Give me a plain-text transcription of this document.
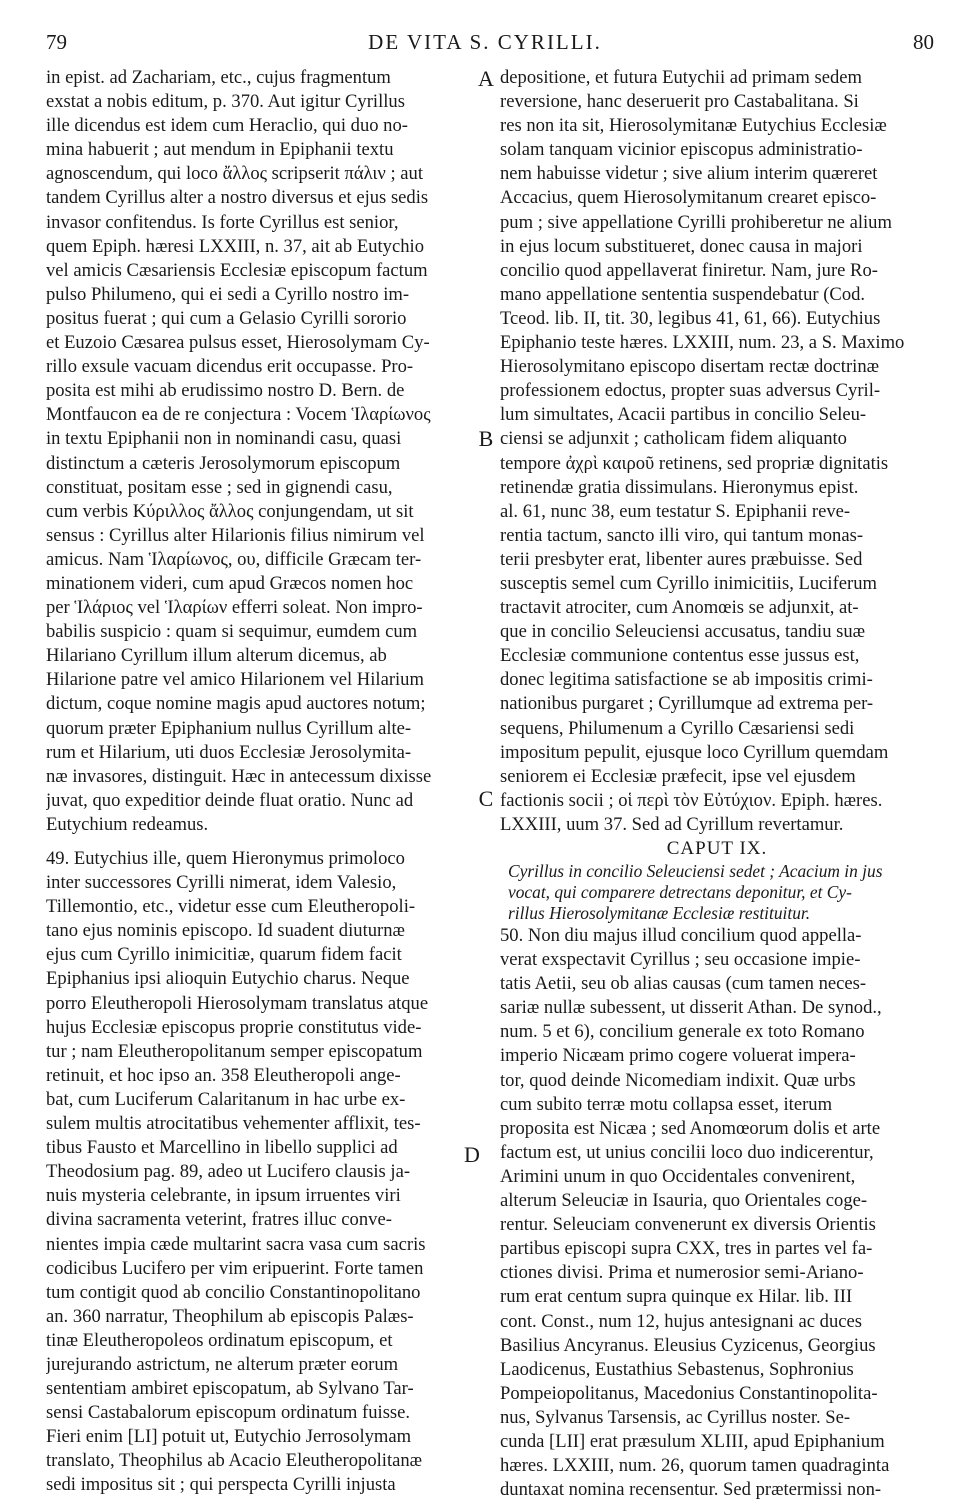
79	DE VITA S. CYRILLI.	80
in epist. ad Zachariam, etc., cujus fragmentum
exstat a nobis editum, p. 370. Aut igitur Cyrillus
ille dicendus est idem cum Heraclio, qui duo no-
mina habuerit ; aut mendum in Epiphanii textu
agnoscendum, qui loco ἄλλος scripserit πάλιν ; aut
tandem Cyrillus alter a nostro diversus et ejus sedis
invasor confitendus. Is forte Cyrillus est senior,
quem Epiph. hæresi LXXIII, n. 37, ait ab Eutychio
vel amicis Cæsariensis Ecclesiæ episcopum factum
pulso Philumeno, qui ei sedi a Cyrillo nostro im-
positus fuerat ; qui cum a Gelasio Cyrilli sororio
et Euzoio Cæsarea pulsus esset, Hierosolymam Cy-
rillo exsule vacuam dicendus erit occupasse. Pro-
posita est mihi ab erudissimo nostro D. Bern. de
Montfaucon ea de re conjectura : Vocem Ἱλαρίωνος
in textu Epiphanii non in nominandi casu, quasi
distinctum a cæteris Jerosolymorum episcopum
constituat, positam esse ; sed in gignendi casu,
cum verbis Κύριλλος ἄλλος conjungendam, ut sit
sensus : Cyrillus alter Hilarionis filius nimirum vel
amicus. Nam Ἱλαρίωνος, ου, difficile Græcam ter-
minationem videri, cum apud Græcos nomen hoc
per Ἱλάριος vel Ἱλαρίων efferri soleat. Non impro-
babilis suspicio : quam si sequimur, eumdem cum
Hilariano Cyrillum illum alterum dicemus, ab
Hilarione patre vel amico Hilarionem vel Hilarium
dictum, coque nomine magis apud auctores notum;
quorum præter Epiphanium nullus Cyrillum alte-
rum et Hilarium, uti duos Ecclesiæ Jerosolymita-
næ invasores, distinguit. Hæc in antecessum dixisse
juvat, quo expeditior deinde fluat oratio. Nunc ad
Eutychium redeamus.
49. Eutychius ille, quem Hieronymus primoloco
inter successores Cyrilli nimerat, idem Valesio,
Tillemontio, etc., videtur esse cum Eleutheropoli-
tano ejus nominis episcopo. Id suadent diuturnæ
ejus cum Cyrillo inimicitiæ, quarum fidem facit
Epiphanius ipsi alioquin Eutychio charus. Neque
porro Eleutheropoli Hierosolymam translatus atque
hujus Ecclesiæ episcopus proprie constitutus vide-
tur ; nam Eleutheropolitanum semper episcopatum
retinuit, et hoc ipso an. 358 Eleutheropoli ange-
bat, cum Luciferum Calaritanum in hac urbe ex-
sulem multis atrocitatibus vehementer afflixit, tes-
tibus Fausto et Marcellino in libello supplici ad
Theodosium pag. 89, adeo ut Lucifero clausis ja-
nuis mysteria celebrante, in ipsum irruentes viri
divina sacramenta veterint, fratres illuc conve-
nientes impia cæde multarint sacra vasa cum sacris
codicibus Lucifero per vim eripuerint. Forte tamen
tum contigit quod ab concilio Constantinopolitano
an. 360 narratur, Theophilum ab episcopis Palæs-
tinæ Eleutheropoleos ordinatum episcopum, et
jurejurando astrictum, ne alterum præter eorum
sententiam ambiret episcopatum, ab Sylvano Tar-
sensi Castabalorum episcopum ordinatum fuisse.
Fieri enim [LI] potuit ut, Eutychio Jerrosolymam
translato, Theophilus ab Acacio Eleutheropolitanæ
sedi impositus sit ; qui perspecta Cyrilli injusta
depositione, et futura Eutychii ad primam sedem
reversione, hanc deseruerit pro Castabalitana. Si
res non ita sit, Hierosolymitanæ Eutychius Ecclesiæ
solam tanquam vicinior episcopus administratio-
nem habuisse videtur ; sive alium interim quæreret
Accacius, quem Hierosolymitanum crearet episco-
pum ; sive appellatione Cyrilli prohiberetur ne alium
in ejus locum substitueret, donec causa in majori
concilio quod appellaverat finiretur. Nam, jure Ro-
mano appellatione sententia suspendebatur (Cod.
Tceod. lib. II, tit. 30, legibus 41, 61, 66). Eutychius
Epiphanio teste hæres. LXXIII, num. 23, a S. Maximo
Hierosolymitano episcopo disertam rectæ doctrinæ
professionem edoctus, propter suas adversus Cyril-
lum simultates, Acacii partibus in concilio Seleu-
ciensi se adjunxit ; catholicam fidem aliquanto
tempore ἀχρὶ καιροῦ retinens, sed propriæ dignitatis
retinendæ gratia dissimulans. Hieronymus epist.
al. 61, nunc 38, eum testatur S. Epiphanii reve-
rentia tactum, sancto illi viro, qui tantum monas-
terii presbyter erat, libenter aures præbuisse. Sed
susceptis semel cum Cyrillo inimicitiis, Luciferum
tractavit atrociter, cum Anomœis se adjunxit, at-
que in concilio Seleuciensi accusatus, tandiu suæ
Ecclesiæ communione contentus esse jussus est,
donec legitima satisfactione se ab impositis crimi-
nationibus purgaret ; Cyrillumque ad extrema per-
sequens, Philumenum a Cyrillo Cæsariensi sedi
impositum pepulit, ejusque loco Cyrillum quemdam
seniorem ei Ecclesiæ præfecit, ipse vel ejusdem
factionis socii ; οἱ περὶ τὸν Εὐτύχιον. Epiph. hæres.
LXXIII, uum 37. Sed ad Cyrillum revertamur.
CAPUT IX.
Cyrillus in concilio Seleuciensi sedet ; Acacium in jus
vocat, qui comparere detrectans deponitur, et Cy-
rillus Hierosolymitanæ Ecclesiæ restituitur.
50. Non diu majus illud concilium quod appella-
verat exspectavit Cyrillus ; seu occasione impie-
tatis Aetii, seu ob alias causas (cum tamen neces-
sariæ nullæ subessent, ut disserit Athan. De synod.,
num. 5 et 6), concilium generale ex toto Romano
imperio Nicæam primo cogere voluerat impera-
tor, quod deinde Nicomediam indixit. Quæ urbs
cum subito terræ motu collapsa esset, iterum
proposita est Nicæa ; sed Anomœorum dolis et arte
factum est, ut unius concilii loco duo indicerentur,
Arimini unum in quo Occidentales convenirent,
alterum Seleuciæ in Isauria, quo Orientales coge-
rentur. Seleuciam convenerunt ex diversis Orientis
partibus episcopi supra CXX, tres in partes vel fa-
ctiones divisi. Prima et numerosior semi-Ariano-
rum erat centum supra quinque ex Hilar. lib. III
cont. Const., num 12, hujus antesignani ac duces
Basilius Ancyranus. Eleusius Cyzicenus, Georgius
Laodicenus, Eustathius Sebastenus, Sophronius
Pompeiopolitanus, Macedonius Constantinopolita-
nus, Sylvanus Tarsensis, ac Cyrillus noster. Se-
cunda [LII] erat præsulum XLIII, apud Epiphanium
hæres. LXXIII, num. 26, quorum tamen quadraginta
duntaxat nomina recensentur. Sed prætermissi non-
A
B
C
D
